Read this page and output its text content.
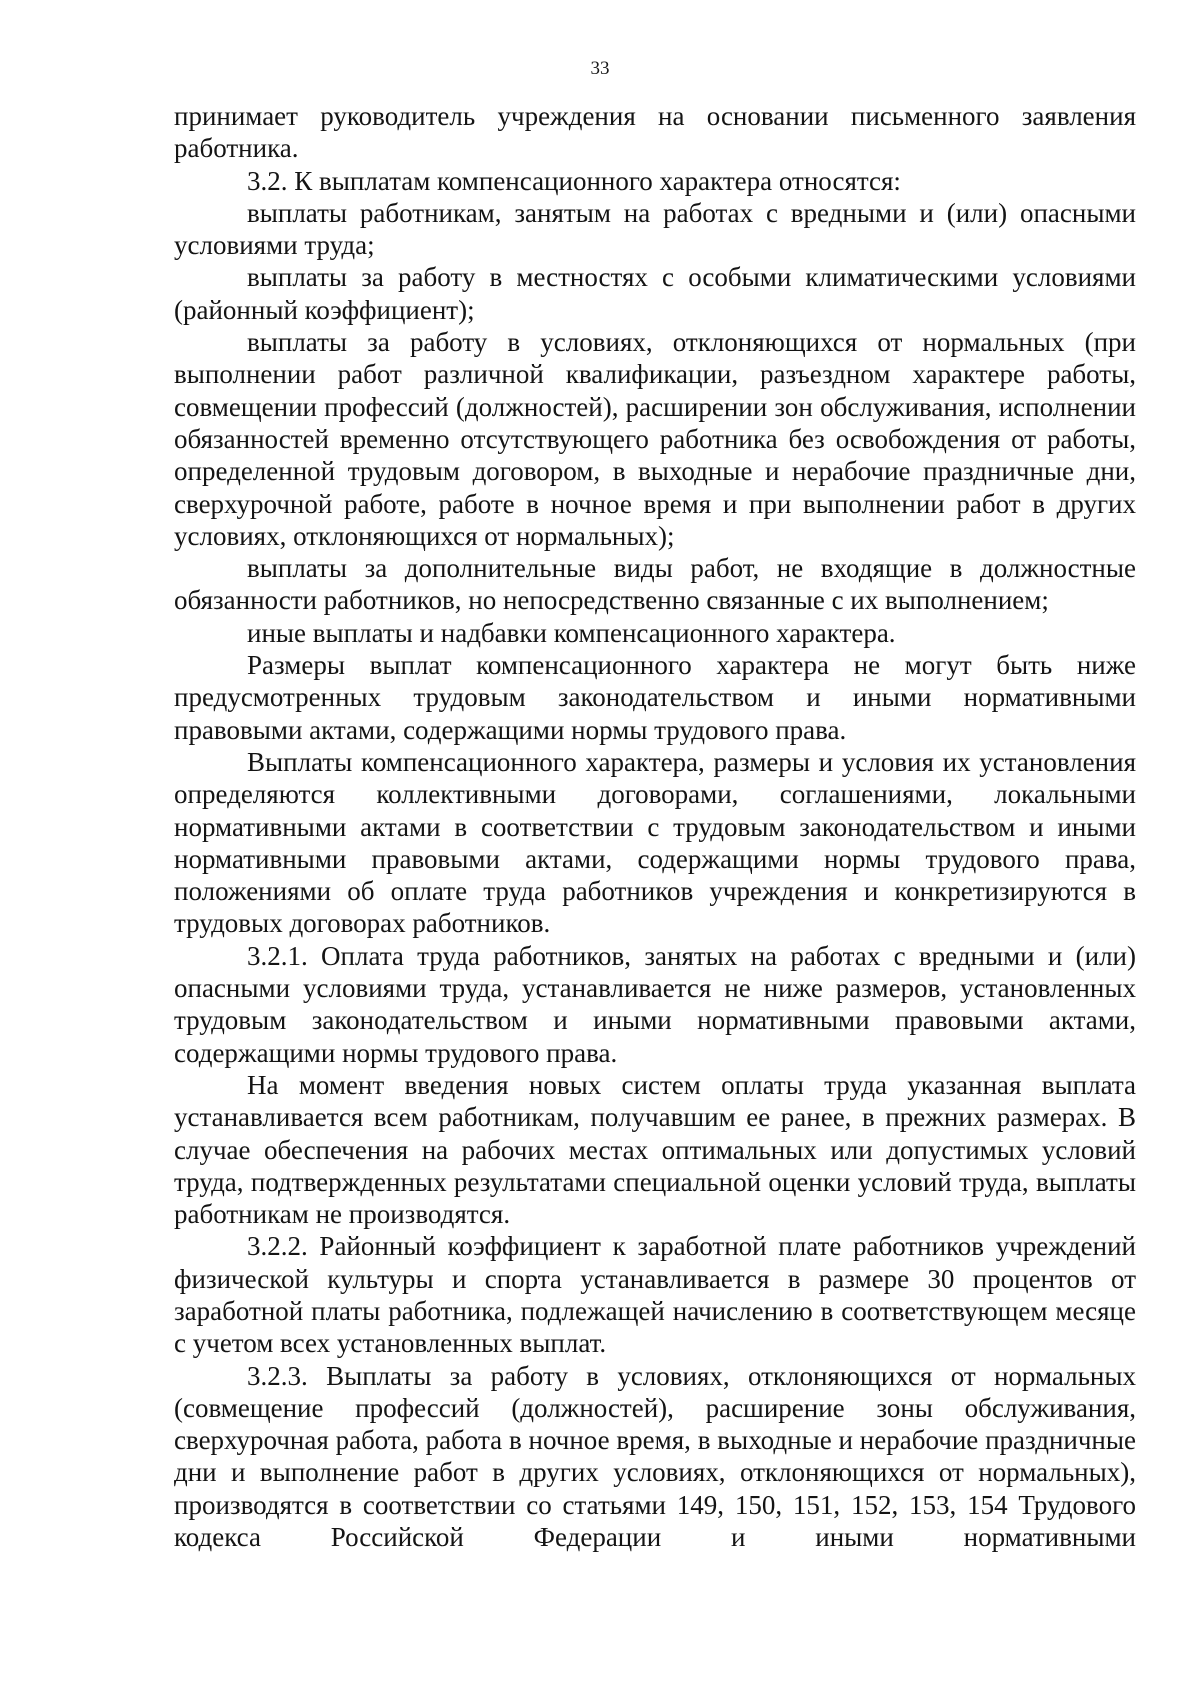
33

принимает руководитель учреждения на основании письменного заявления работника.

3.2. К выплатам компенсационного характера относятся:

выплаты работникам, занятым на работах с вредными и (или) опасными условиями труда;

выплаты за работу в местностях с особыми климатическими условиями (районный коэффициент);

выплаты за работу в условиях, отклоняющихся от нормальных (при выполнении работ различной квалификации, разъездном характере работы, совмещении профессий (должностей), расширении зон обслуживания, исполнении обязанностей временно отсутствующего работника без освобождения от работы, определенной трудовым договором, в выходные и нерабочие праздничные дни, сверхурочной работе, работе в ночное время и при выполнении работ в других условиях, отклоняющихся от нормальных);

выплаты за дополнительные виды работ, не входящие в должностные обязанности работников, но непосредственно связанные с их выполнением;

иные выплаты и надбавки компенсационного характера.

Размеры выплат компенсационного характера не могут быть ниже предусмотренных трудовым законодательством и иными нормативными правовыми актами, содержащими нормы трудового права.

Выплаты компенсационного характера, размеры и условия их установления определяются коллективными договорами, соглашениями, локальными нормативными актами в соответствии с трудовым законодательством и иными нормативными правовыми актами, содержащими нормы трудового права, положениями об оплате труда работников учреждения и конкретизируются в трудовых договорах работников.

3.2.1. Оплата труда работников, занятых на работах с вредными и (или) опасными условиями труда, устанавливается не ниже размеров, установленных трудовым законодательством и иными нормативными правовыми актами, содержащими нормы трудового права.

На момент введения новых систем оплаты труда указанная выплата устанавливается всем работникам, получавшим ее ранее, в прежних размерах. В случае обеспечения на рабочих местах оптимальных или допустимых условий труда, подтвержденных результатами специальной оценки условий труда, выплаты работникам не производятся.

3.2.2. Районный коэффициент к заработной плате работников учреждений физической культуры и спорта устанавливается в размере 30 процентов от заработной платы работника, подлежащей начислению в соответствующем месяце с учетом всех установленных выплат.

3.2.3. Выплаты за работу в условиях, отклоняющихся от нормальных (совмещение профессий (должностей), расширение зоны обслуживания, сверхурочная работа, работа в ночное время, в выходные и нерабочие праздничные дни и выполнение работ в других условиях, отклоняющихся от нормальных), производятся в соответствии со статьями 149, 150, 151, 152, 153, 154 Трудового кодекса Российской Федерации и иными нормативными
